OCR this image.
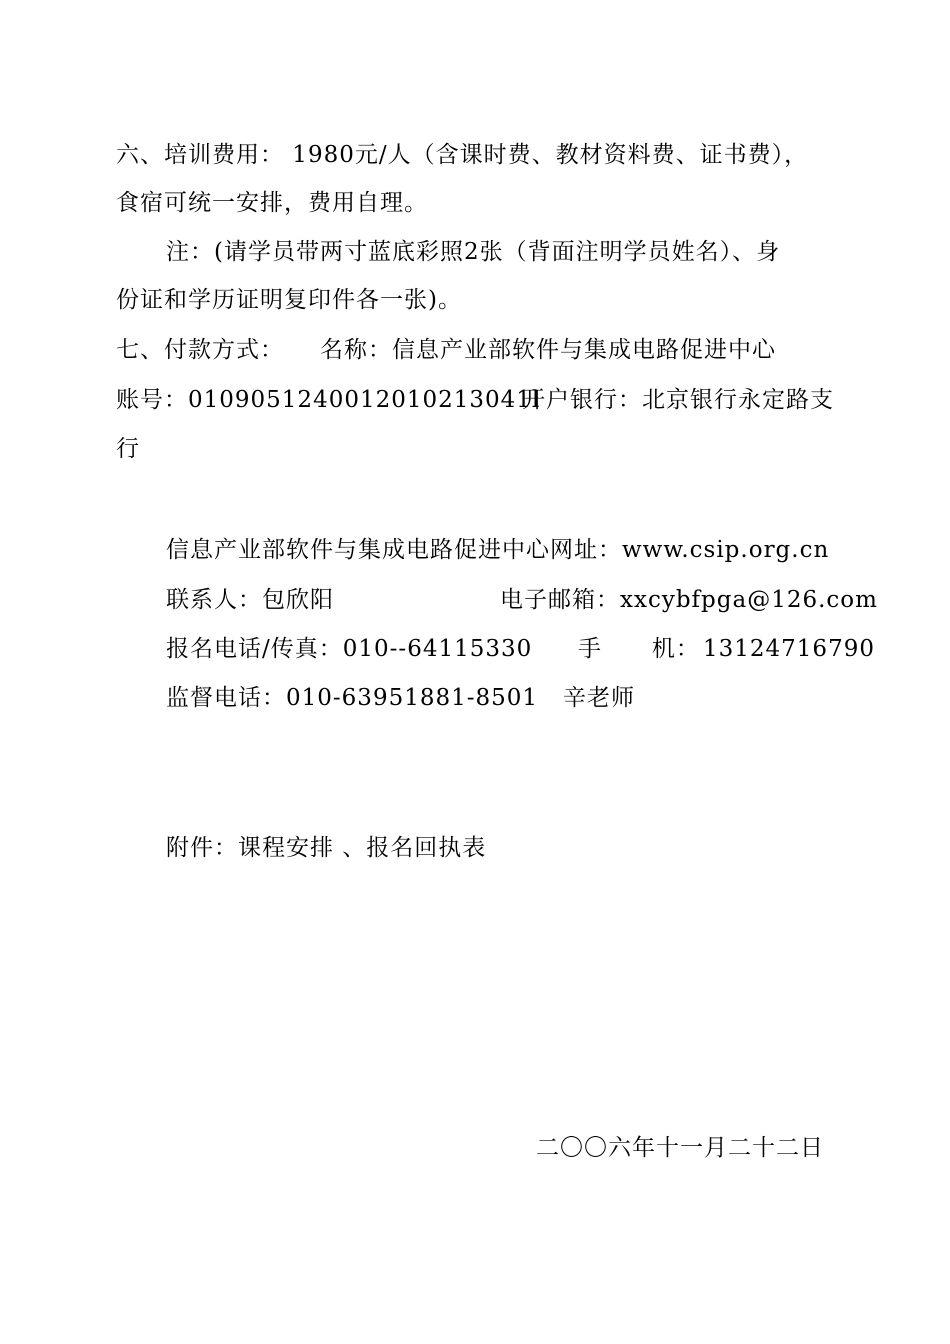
六、培训费用： 1980元/人（含课时费、教材资料费、证书费），
食宿可统一安排，费用自理。
注：(请学员带两寸蓝底彩照2张（背面注明学员姓名）、身
份证和学历证明复印件各一张)。
七、付款方式： 名称：信息产业部软件与集成电路促进中心
账号：0109051240012010213041l
开户银行：北京银行永定路支
行
信息产业部软件与集成电路促进中心网址：www.csip.org.cn
联系人：包欣阳	电子邮箱：xxcybfpga@126.com
报名电话/传真：010--64115330 手      机： 13124716790
监督电话：010-63951881-8501   辛老师
附件：课程安排 、报名回执表
二〇〇六年十一月二十二日
